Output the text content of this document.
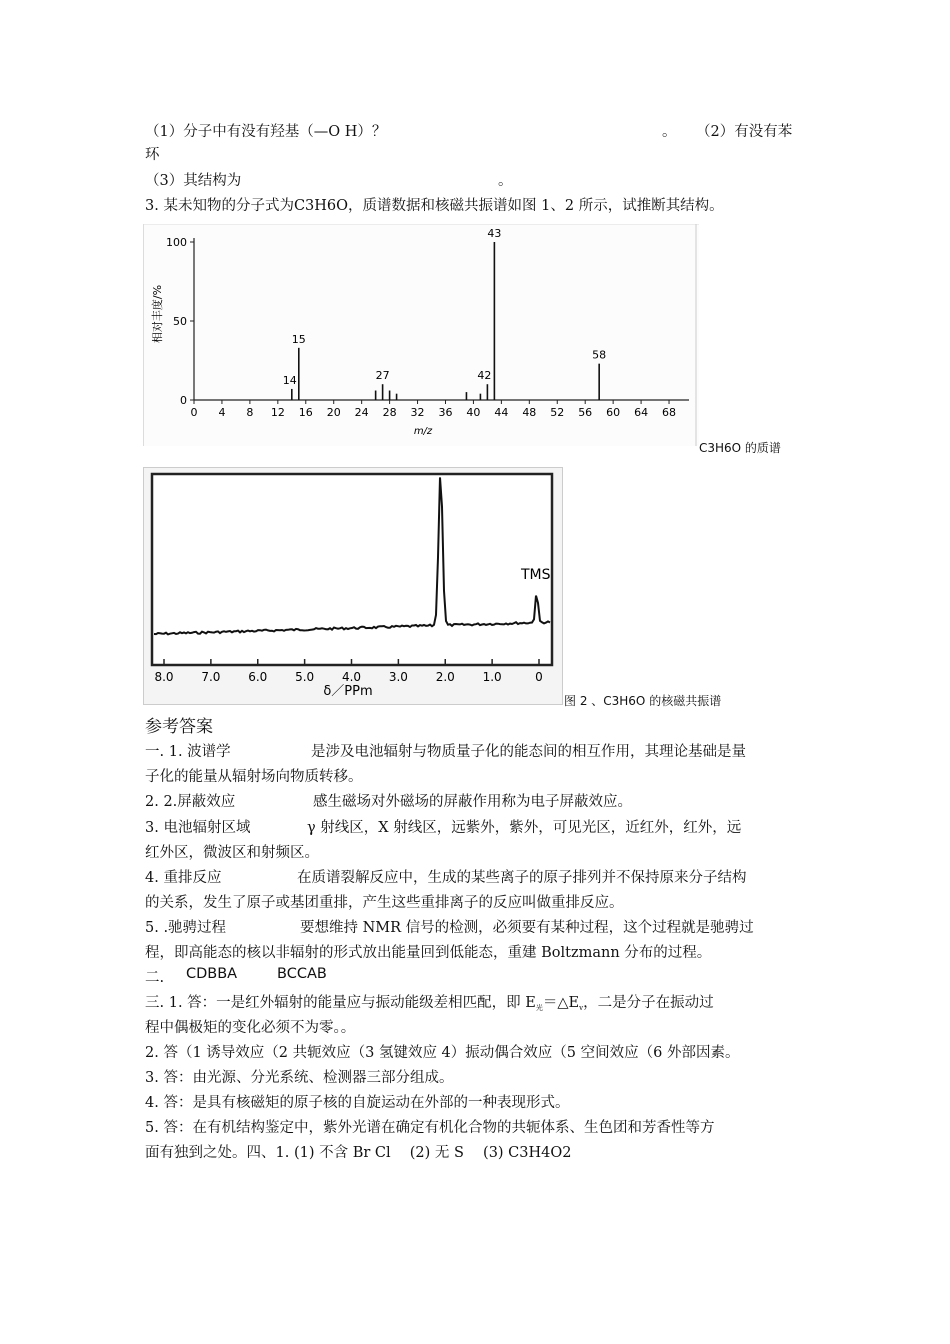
（1）分子中有没有羟基（—O H）？	。 （2）有没有苯
环
（3）其结构为	。
3. 某未知物的分子式为C3H6O，质谱数据和核磁共振谱如图 1、2 所示，试推断其结构。
0 4 8 12 16 20 24 28 32 36 40 44 48 52 56 60 64 68
0
50
100
14
15
27	42
43
58
相对丰度/%
m/z
C3H6O 的质谱
TMS
8.0 7.0 6.0 5.0 4.0 3.0 2.0 1.0	0
δ／PPm
图 2 、C3H6O 的核磁共振谱
参考答案
一. 1. 波谱学	是涉及电池辐射与物质量子化的能态间的相互作用，其理论基础是量
子化的能量从辐射场向物质转移。
2. 2.屏蔽效应	感生磁场对外磁场的屏蔽作用称为电子屏蔽效应。
3. 电池辐射区域	γ 射线区，X 射线区，远紫外，紫外，可见光区，近红外，红外，远
红外区，微波区和射频区。
4. 重排反应	在质谱裂解反应中，生成的某些离子的原子排列并不保持原来分子结构
的关系，发生了原子或基团重排，产生这些重排离子的反应叫做重排反应。
5. .驰骋过程	要想维持 NMR 信号的检测，必须要有某种过程，这个过程就是驰骋过
程，即高能态的核以非辐射的形式放出能量回到低能态，重建 Boltzmann 分布的过程。
二. CDBBA	BCCAB
三. 1. 答：一是红外辐射的能量应与振动能级差相匹配，即 $E_光=\triangle E_v$，二是分子在振动过
程中偶极矩的变化必须不为零。。
2. 答（1 诱导效应（2 共轭效应（3 氢键效应 4）振动偶合效应（5 空间效应（6 外部因素。
3. 答：由光源、分光系统、检测器三部分组成。
4. 答：是具有核磁矩的原子核的自旋运动在外部的一种表现形式。
5. 答：在有机结构鉴定中，紫外光谱在确定有机化合物的共轭体系、生色团和芳香性等方
面有独到之处。四、1. (1) 不含 Br Cl　 (2) 无 S　 (3) C3H4O2
